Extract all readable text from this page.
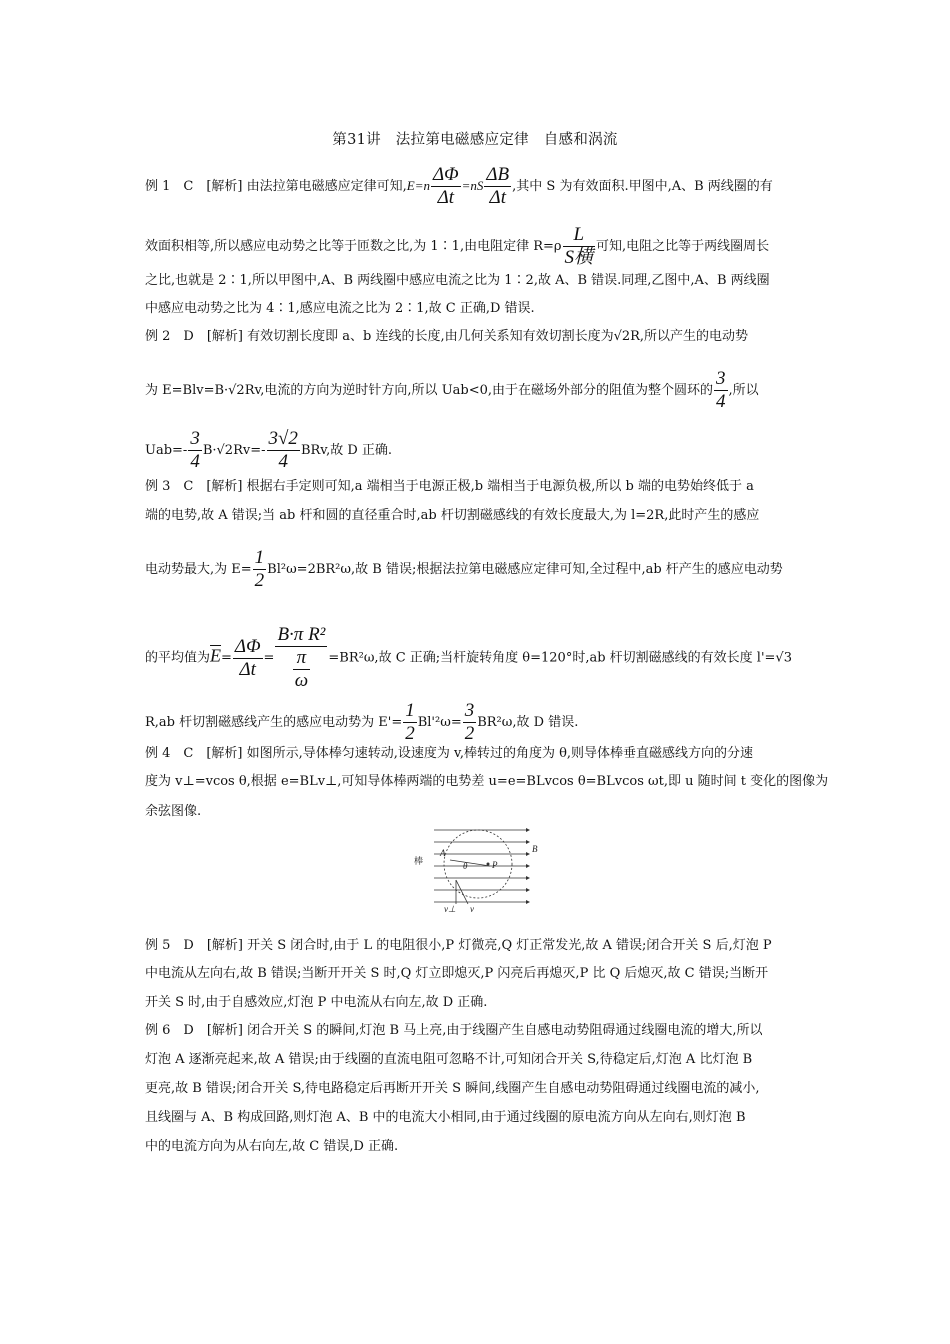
第31讲　法拉第电磁感应定律　自感和涡流
例 1　C　[解析] 由法拉第电磁感应定律可知$,E=n \frac{\Delta\Phi}{\Delta t} =nS \frac{\Delta B}{\Delta t}$ ,其中 S 为有效面积.甲图中,A、B 两线圈的有
效面积相等,所以感应电动势之比等于匝数之比,为 1∶1,由电阻定律 $R=\rho \frac{L}{\text{S横}}$ 可知,电阻之比等于两线圈周长
之比,也就是 2∶1,所以甲图中,A、B 两线圈中感应电流之比为 1∶2,故 A、B 错误.同理,乙图中,A、B 两线圈
中感应电动势之比为 4∶1,感应电流之比为 2∶1,故 C 正确,D 错误.
例 2　D　[解析] 有效切割长度即 a、b 连线的长度,由几何关系知有效切割长度为√2R,所以产生的电动势
为 E=Blv=B·√2Rv,电流的方向为逆时针方向,所以 Uab<0,由于在磁场外部分的阻值为整个圆环的 $\frac{3}{4}$ ,所以
$Uab=- \frac{3}{4} B\cdot√2Rv=- \frac{3√2}{4}$ BRv,故 D 正确.
例 3　C　[解析] 根据右手定则可知,a 端相当于电源正极,b 端相当于电源负极,所以 b 端的电势始终低于 a
端的电势,故 A 错误;当 ab 杆和圆的直径重合时,ab 杆切割磁感线的有效长度最大,为 l=2R,此时产生的感应
电动势最大,为 $E= \frac{1}{2} Bl^2\omega=2BR^2\omega$,故 B 错误;根据法拉第电磁感应定律可知,全过程中,ab 杆产生的感应电动势
的平均值为$\overline{E}= \frac{\Delta\Phi}{\Delta t} = \frac{\text{B·π R²}}{\frac{\pi}{\omega}} =BR^2\omega$,故 C 正确;当杆旋转角度 θ=120°时,ab 杆切割磁感线的有效长度 l'=√3
R,ab 杆切割磁感线产生的感应电动势为 $E'= \frac{1}{2} Bl'^2\omega= \frac{3}{2} BR^2\omega$,故 D 错误.
例 4　C　[解析] 如图所示,导体棒匀速转动,设速度为 v,棒转过的角度为 θ,则导体棒垂直磁感线方向的分速
度为 v⊥=vcos θ,根据 e=BLv⊥,可知导体棒两端的电势差 u=e=BLvcos θ=BLvcos ωt,即 u 随时间 t 变化的图像为
余弦图像.
棒
B
A
θ	P
v
v⊥
例 5　D　[解析] 开关 S 闭合时,由于 L 的电阻很小,P 灯微亮,Q 灯正常发光,故 A 错误;闭合开关 S 后,灯泡 P
中电流从左向右,故 B 错误;当断开开关 S 时,Q 灯立即熄灭,P 闪亮后再熄灭,P 比 Q 后熄灭,故 C 错误;当断开
开关 S 时,由于自感效应,灯泡 P 中电流从右向左,故 D 正确.
例 6　D　[解析] 闭合开关 S 的瞬间,灯泡 B 马上亮,由于线圈产生自感电动势阻碍通过线圈电流的增大,所以
灯泡 A 逐渐亮起来,故 A 错误;由于线圈的直流电阻可忽略不计,可知闭合开关 S,待稳定后,灯泡 A 比灯泡 B
更亮,故 B 错误;闭合开关 S,待电路稳定后再断开开关 S 瞬间,线圈产生自感电动势阻碍通过线圈电流的减小,
且线圈与 A、B 构成回路,则灯泡 A、B 中的电流大小相同,由于通过线圈的原电流方向从左向右,则灯泡 B
中的电流方向为从右向左,故 C 错误,D 正确.
